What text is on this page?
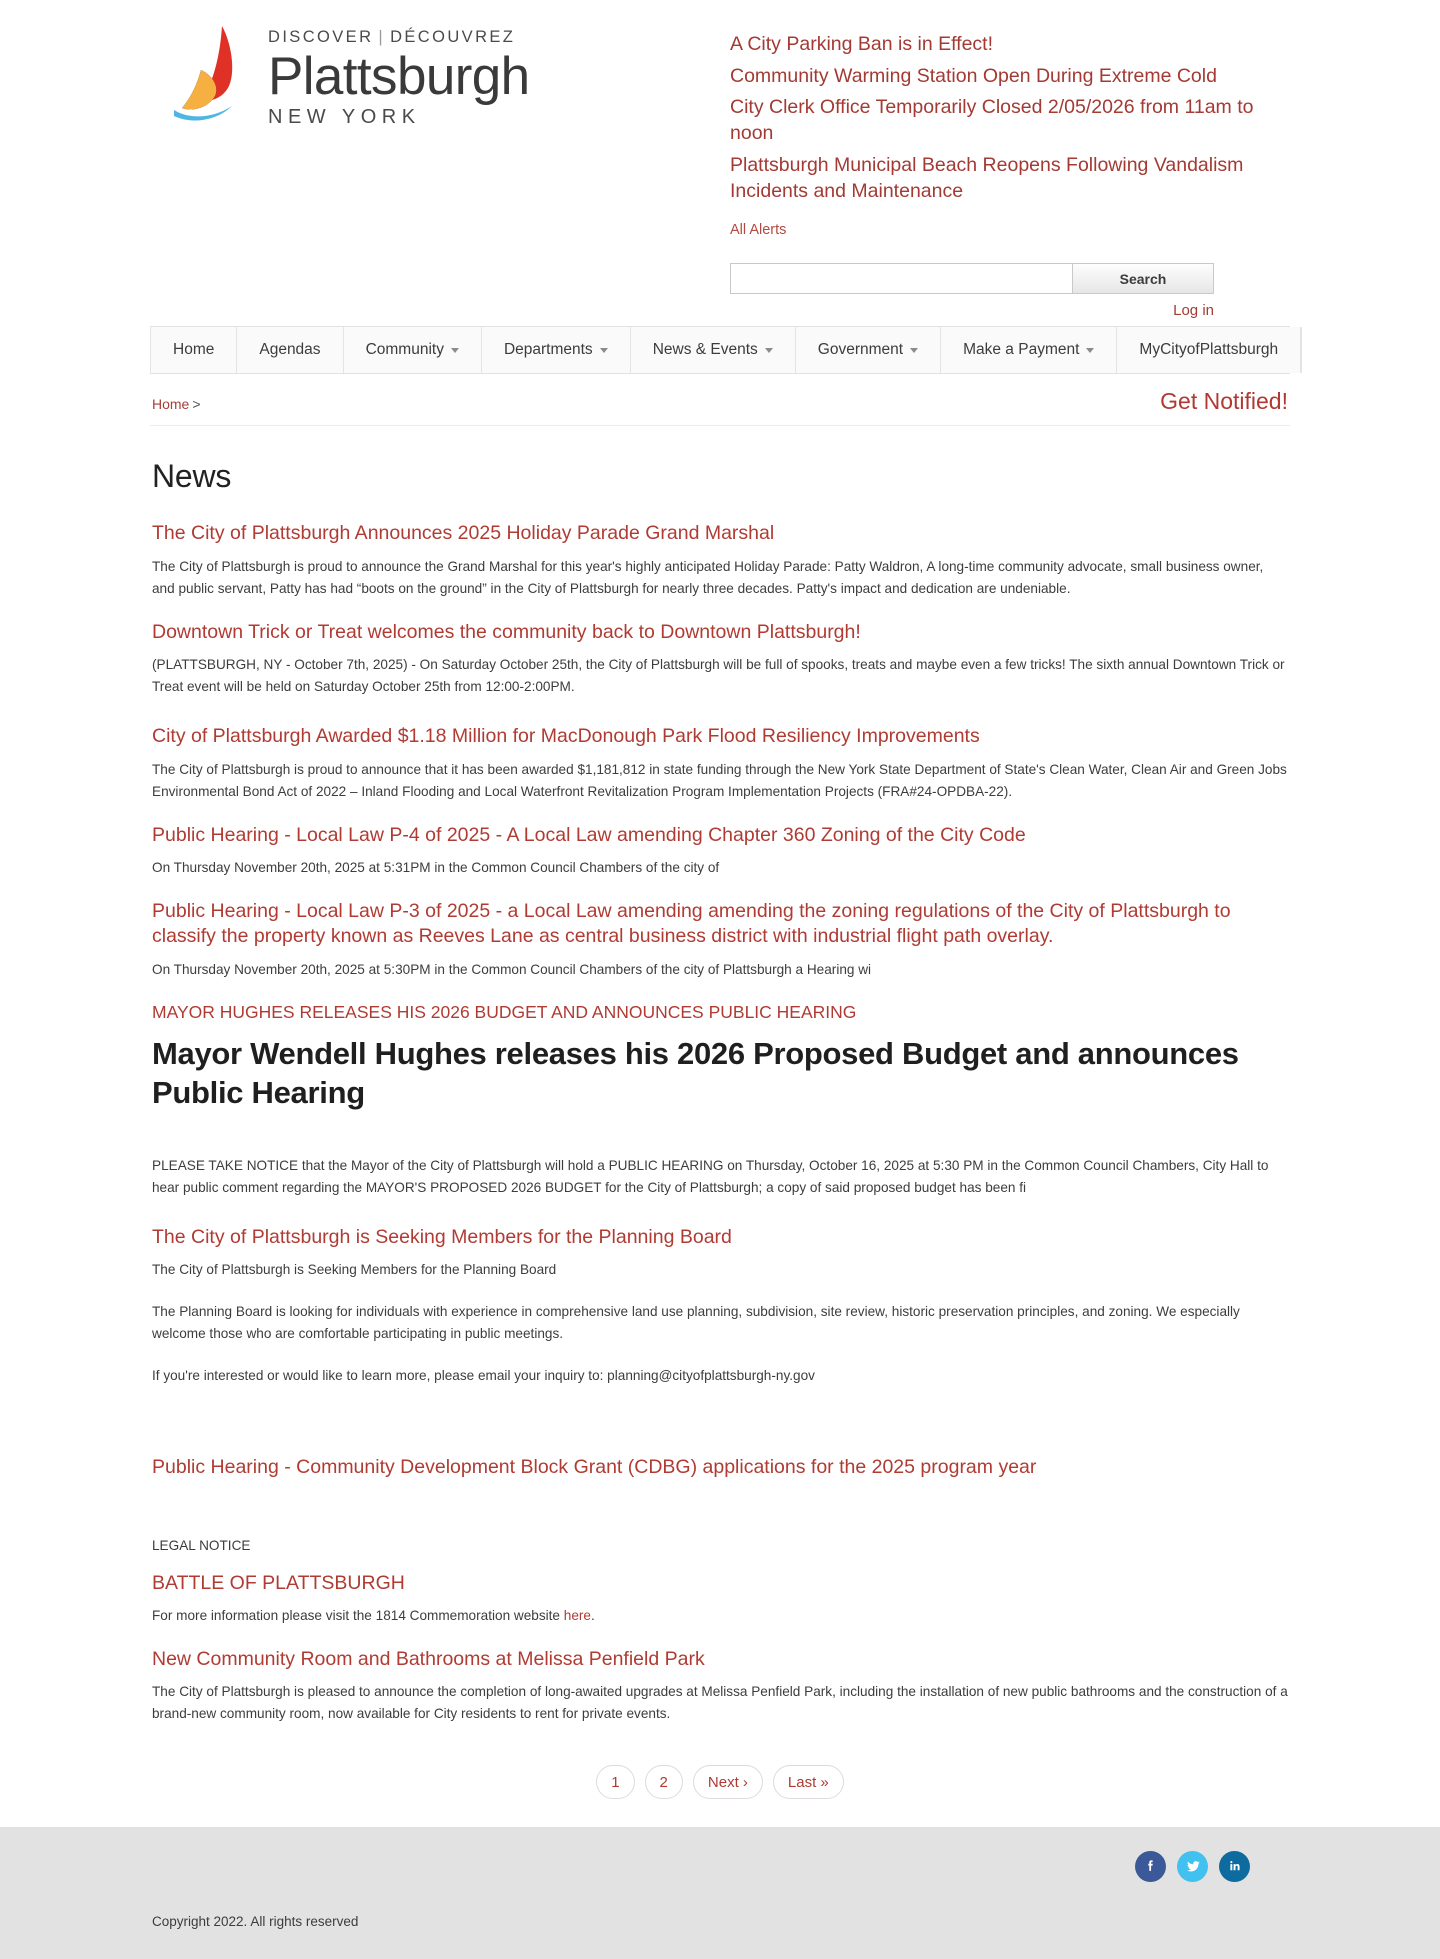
DISCOVER | DÉCOUVREZ
Plattsburgh
NEW YORK
A City Parking Ban is in Effect!
Community Warming Station Open During Extreme Cold
City Clerk Office Temporarily Closed 2/05/2026 from 11am to noon
Plattsburgh Municipal Beach Reopens Following Vandalism Incidents and Maintenance
All Alerts
Search
Log in
Home	Agendas	Community	Departments	News & Events	Government	Make a Payment	MyCityofPlattsburgh
Home >	Get Notified!
News
The City of Plattsburgh Announces 2025 Holiday Parade Grand Marshal

The City of Plattsburgh is proud to announce the Grand Marshal for this year's highly anticipated Holiday Parade: Patty Waldron, A long-time community advocate, small business owner, and public servant, Patty has had “boots on the ground” in the City of Plattsburgh for nearly three decades. Patty's impact and dedication are undeniable.

Downtown Trick or Treat welcomes the community back to Downtown Plattsburgh!

(PLATTSBURGH, NY - October 7th, 2025) - On Saturday October 25th, the City of Plattsburgh will be full of spooks, treats and maybe even a few tricks! The sixth annual Downtown Trick or Treat event will be held on Saturday October 25th from 12:00-2:00PM.

City of Plattsburgh Awarded $1.18 Million for MacDonough Park Flood Resiliency Improvements

The City of Plattsburgh is proud to announce that it has been awarded $1,181,812 in state funding through the New York State Department of State's Clean Water, Clean Air and Green Jobs Environmental Bond Act of 2022 – Inland Flooding and Local Waterfront Revitalization Program Implementation Projects (FRA#24-OPDBA-22).

Public Hearing - Local Law P-4 of 2025 - A Local Law amending Chapter 360 Zoning of the City Code

On Thursday November 20th, 2025 at 5:31PM in the Common Council Chambers of the city of

Public Hearing - Local Law P-3 of 2025 - a Local Law amending amending the zoning regulations of the City of Plattsburgh to classify the property known as Reeves Lane as central business district with industrial flight path overlay.

On Thursday November 20th, 2025 at 5:30PM in the Common Council Chambers of the city of Plattsburgh a Hearing wi

MAYOR HUGHES RELEASES HIS 2026 BUDGET AND ANNOUNCES PUBLIC HEARING
Mayor Wendell Hughes releases his 2026 Proposed Budget and announces Public Hearing

PLEASE TAKE NOTICE that the Mayor of the City of Plattsburgh will hold a PUBLIC HEARING on Thursday, October 16, 2025 at 5:30 PM in the Common Council Chambers, City Hall to hear public comment regarding the MAYOR'S PROPOSED 2026 BUDGET for the City of Plattsburgh; a copy of said proposed budget has been fi

The City of Plattsburgh is Seeking Members for the Planning Board

The City of Plattsburgh is Seeking Members for the Planning Board

The Planning Board is looking for individuals with experience in comprehensive land use planning, subdivision, site review, historic preservation principles, and zoning. We especially welcome those who are comfortable participating in public meetings.

If you're interested or would like to learn more, please email your inquiry to: planning@cityofplattsburgh-ny.gov

Public Hearing - Community Development Block Grant (CDBG) applications for the 2025 program year

LEGAL NOTICE

BATTLE OF PLATTSBURGH

For more information please visit the 1814 Commemoration website here.

New Community Room and Bathrooms at Melissa Penfield Park

The City of Plattsburgh is pleased to announce the completion of long-awaited upgrades at Melissa Penfield Park, including the installation of new public bathrooms and the construction of a brand-new community room, now available for City residents to rent for private events.

1	2	Next ›	Last »
Copyright 2022. All rights reserved
